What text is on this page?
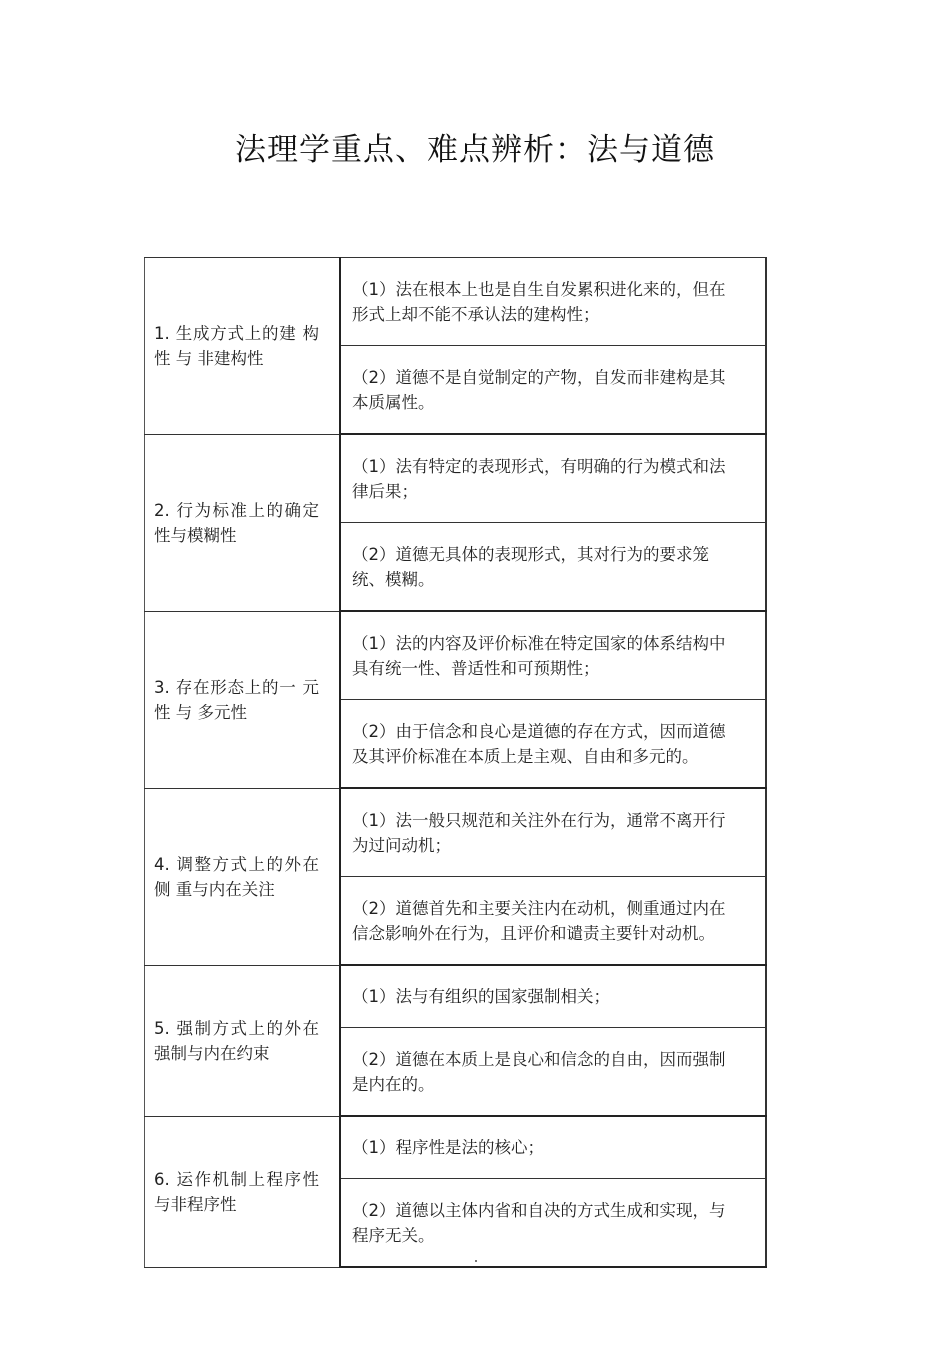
法理学重点、难点辨析：法与道德
1. 生成方式上的建 构 性 与 非建构性	（1）法在根本上也是自生自发累积进化来的，但在形式上却不能不承认法的建构性；

	（2）道德不是自觉制定的产物，自发而非建构是其本质属性。

2. 行为标准上的确定性与模糊性	（1）法有特定的表现形式，有明确的行为模式和法律后果；

	（2）道德无具体的表现形式，其对行为的要求笼统、模糊。

3. 存在形态上的一 元 性 与 多元性	（1）法的内容及评价标准在特定国家的体系结构中具有统一性、普适性和可预期性；

	（2）由于信念和良心是道德的存在方式，因而道德及其评价标准在本质上是主观、自由和多元的。

4. 调整方式上的外在 侧 重与内在关注	（1）法一般只规范和关注外在行为，通常不离开行为过问动机；

	（2）道德首先和主要关注内在动机，侧重通过内在信念影响外在行为，且评价和谴责主要针对动机。

5. 强制方式上的外在 强制与内在约束	（1）法与有组织的国家强制相关；

	（2）道德在本质上是良心和信念的自由，因而强制是内在的。

6. 运作机制上程序性与非程序性	（1）程序性是法的核心；

	（2）道德以主体内省和自决的方式生成和实现，与程序无关。
